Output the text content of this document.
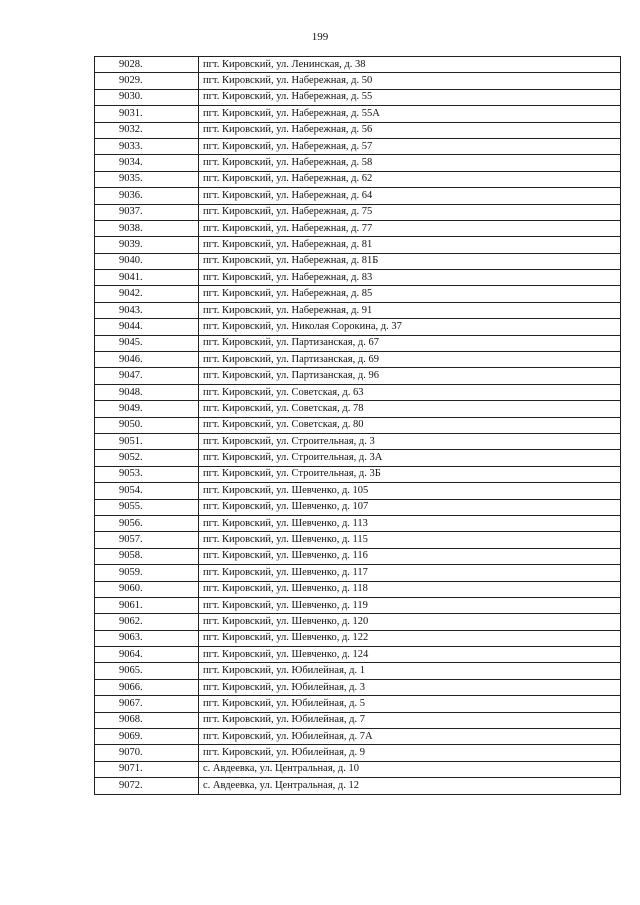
199
9028.	пгт. Кировский, ул. Ленинская, д. 38
9029.	пгт. Кировский, ул. Набережная, д. 50
9030.	пгт. Кировский, ул. Набережная, д. 55
9031.	пгт. Кировский, ул. Набережная, д. 55А
9032.	пгт. Кировский, ул. Набережная, д. 56
9033.	пгт. Кировский, ул. Набережная, д. 57
9034.	пгт. Кировский, ул. Набережная, д. 58
9035.	пгт. Кировский, ул. Набережная, д. 62
9036.	пгт. Кировский, ул. Набережная, д. 64
9037.	пгт. Кировский, ул. Набережная, д. 75
9038.	пгт. Кировский, ул. Набережная, д. 77
9039.	пгт. Кировский, ул. Набережная, д. 81
9040.	пгт. Кировский, ул. Набережная, д. 81Б
9041.	пгт. Кировский, ул. Набережная, д. 83
9042.	пгт. Кировский, ул. Набережная, д. 85
9043.	пгт. Кировский, ул. Набережная, д. 91
9044.	пгт. Кировский, ул. Николая Сорокина, д. 37
9045.	пгт. Кировский, ул. Партизанская, д. 67
9046.	пгт. Кировский, ул. Партизанская, д. 69
9047.	пгт. Кировский, ул. Партизанская, д. 96
9048.	пгт. Кировский, ул. Советская, д. 63
9049.	пгт. Кировский, ул. Советская, д. 78
9050.	пгт. Кировский, ул. Советская, д. 80
9051.	пгт. Кировский, ул. Строительная, д. 3
9052.	пгт. Кировский, ул. Строительная, д. 3А
9053.	пгт. Кировский, ул. Строительная, д. 3Б
9054.	пгт. Кировский, ул. Шевченко, д. 105
9055.	пгт. Кировский, ул. Шевченко, д. 107
9056.	пгт. Кировский, ул. Шевченко, д. 113
9057.	пгт. Кировский, ул. Шевченко, д. 115
9058.	пгт. Кировский, ул. Шевченко, д. 116
9059.	пгт. Кировский, ул. Шевченко, д. 117
9060.	пгт. Кировский, ул. Шевченко, д. 118
9061.	пгт. Кировский, ул. Шевченко, д. 119
9062.	пгт. Кировский, ул. Шевченко, д. 120
9063.	пгт. Кировский, ул. Шевченко, д. 122
9064.	пгт. Кировский, ул. Шевченко, д. 124
9065.	пгт. Кировский, ул. Юбилейная, д. 1
9066.	пгт. Кировский, ул. Юбилейная, д. 3
9067.	пгт. Кировский, ул. Юбилейная, д. 5
9068.	пгт. Кировский, ул. Юбилейная, д. 7
9069.	пгт. Кировский, ул. Юбилейная, д. 7А
9070.	пгт. Кировский, ул. Юбилейная, д. 9
9071.	с. Авдеевка, ул. Центральная, д. 10
9072.	с. Авдеевка, ул. Центральная, д. 12
